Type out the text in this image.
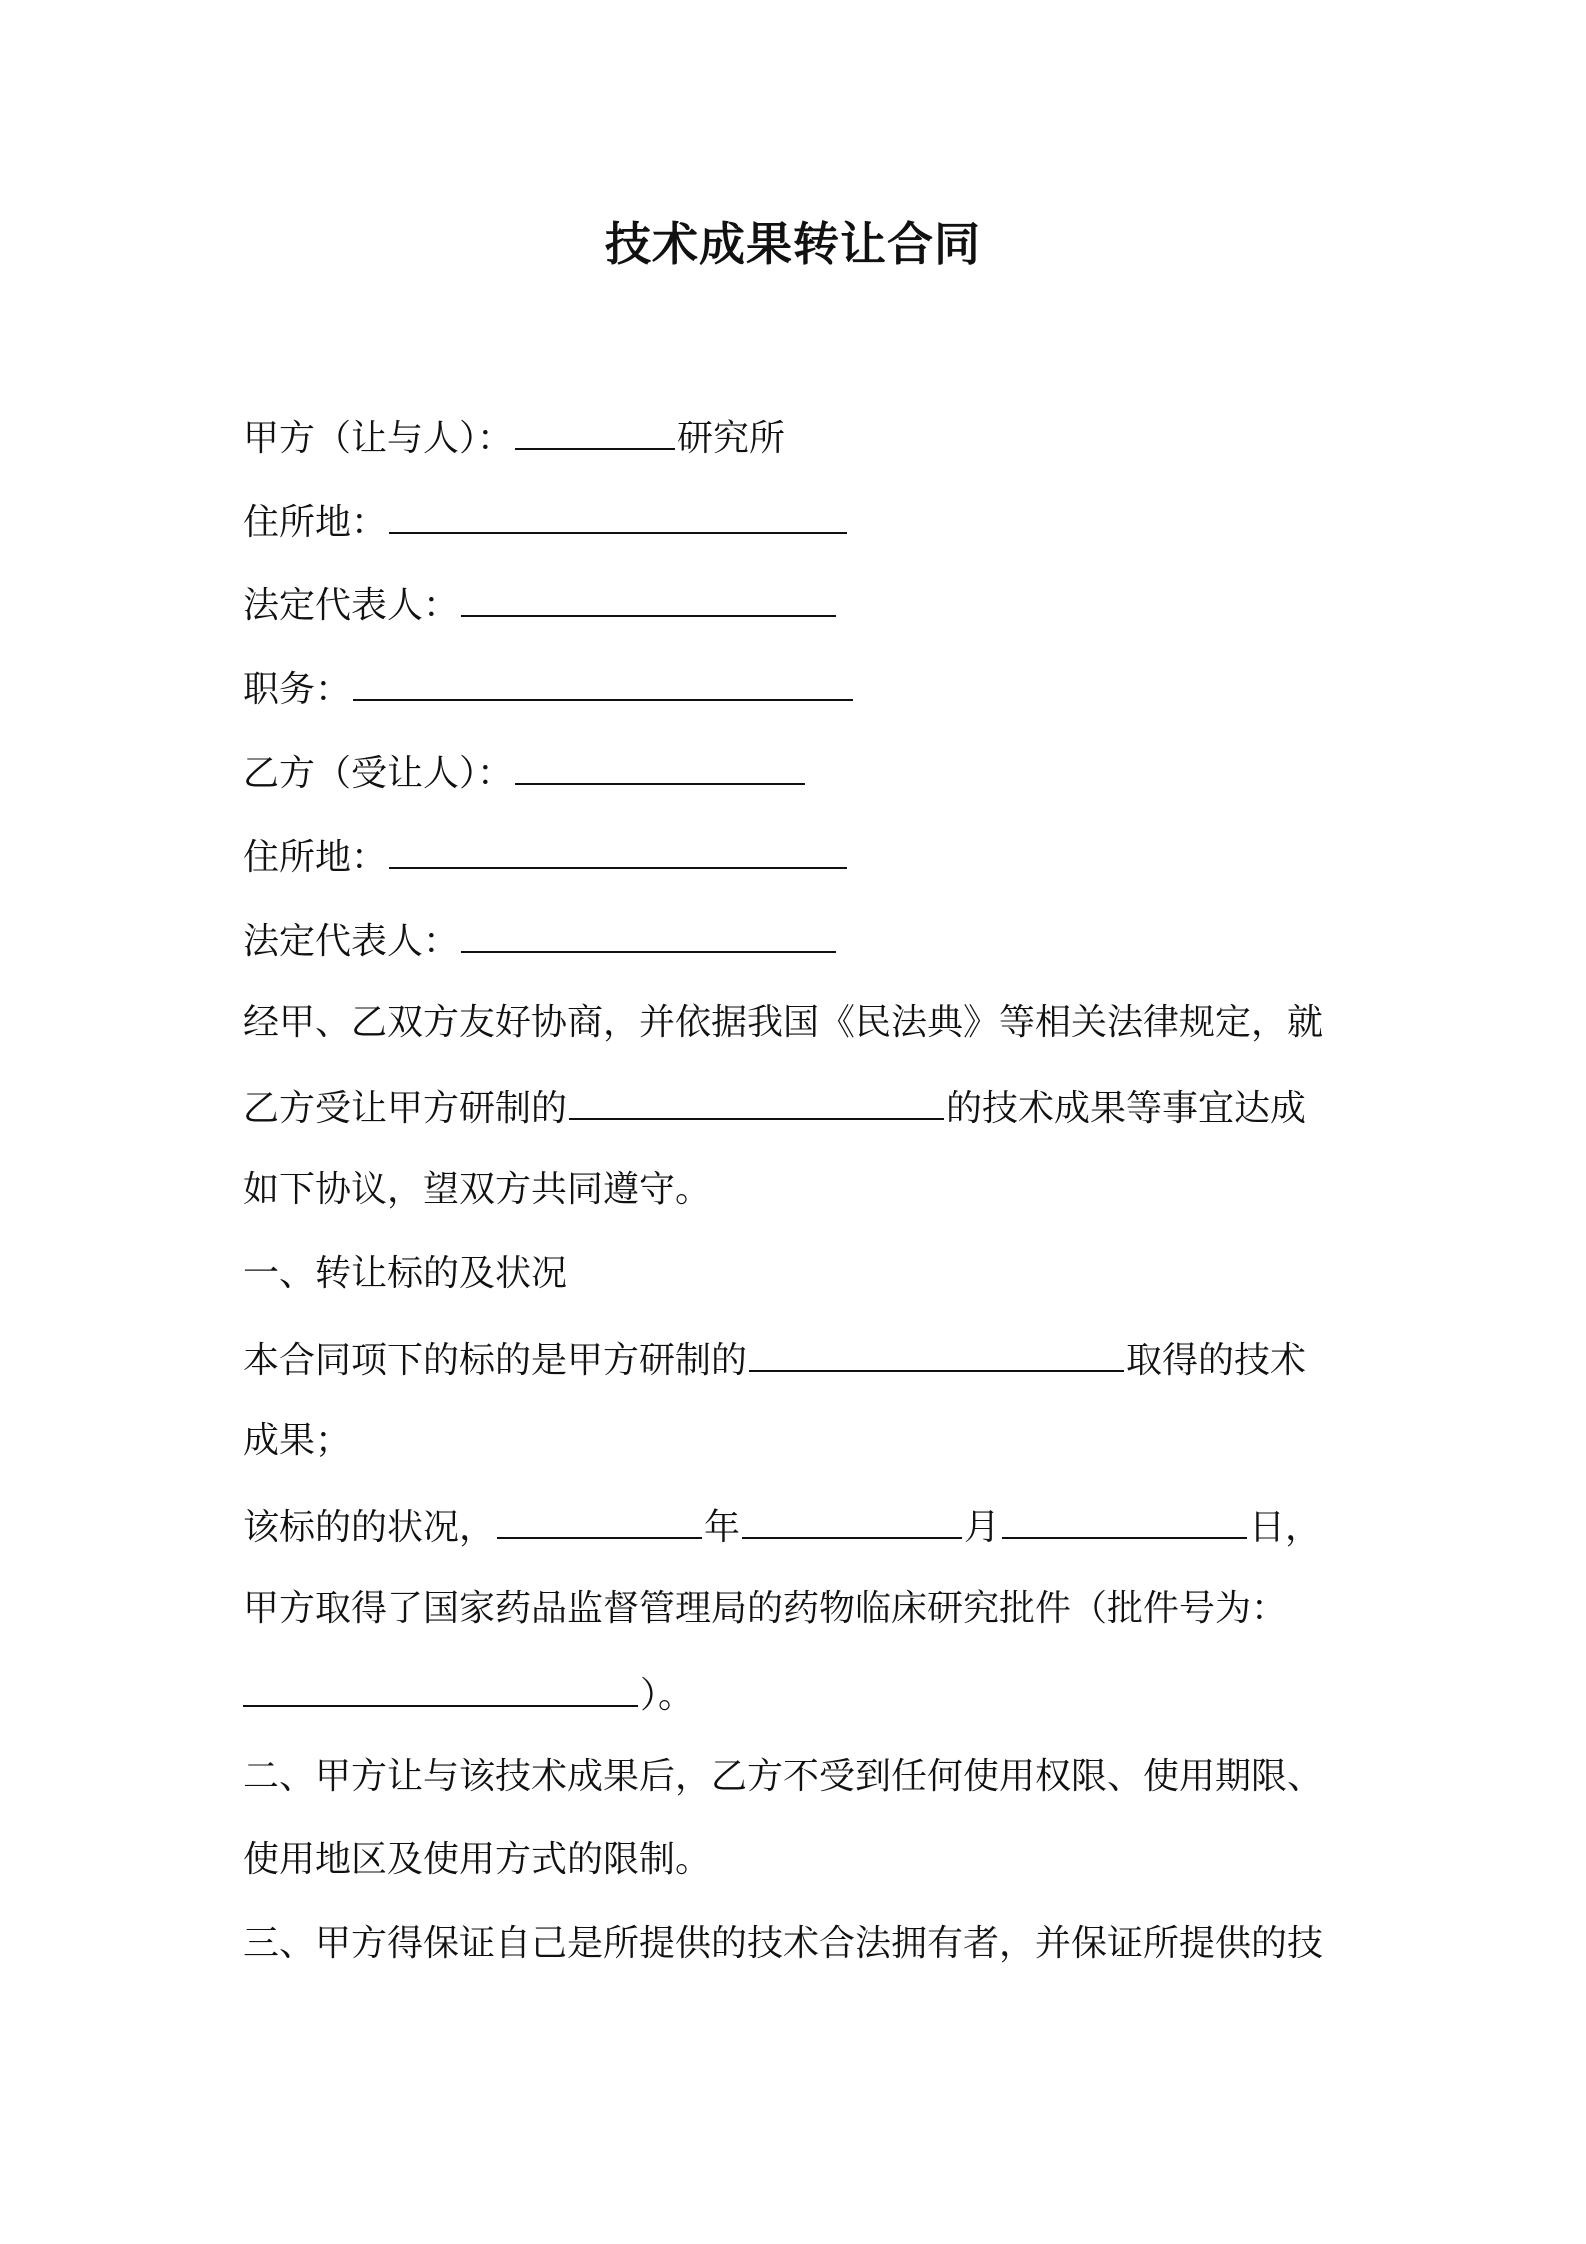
技术成果转让合同
甲方（让与人）：	研究所
住所地：
法定代表人：
职务：
乙方（受让人）：
住所地：
法定代表人：
经甲、乙双方友好协商，并依据我国《民法典》等相关法律规定，就
乙方受让甲方研制的	的技术成果等事宜达成
如下协议，望双方共同遵守。
一、转让标的及状况
本合同项下的标的是甲方研制的	取得的技术
成果；
该标的的状况，	年	月	日，
甲方取得了国家药品监督管理局的药物临床研究批件（批件号为：
）。
二、甲方让与该技术成果后，乙方不受到任何使用权限、使用期限、
使用地区及使用方式的限制。
三、甲方得保证自己是所提供的技术合法拥有者，并保证所提供的技
